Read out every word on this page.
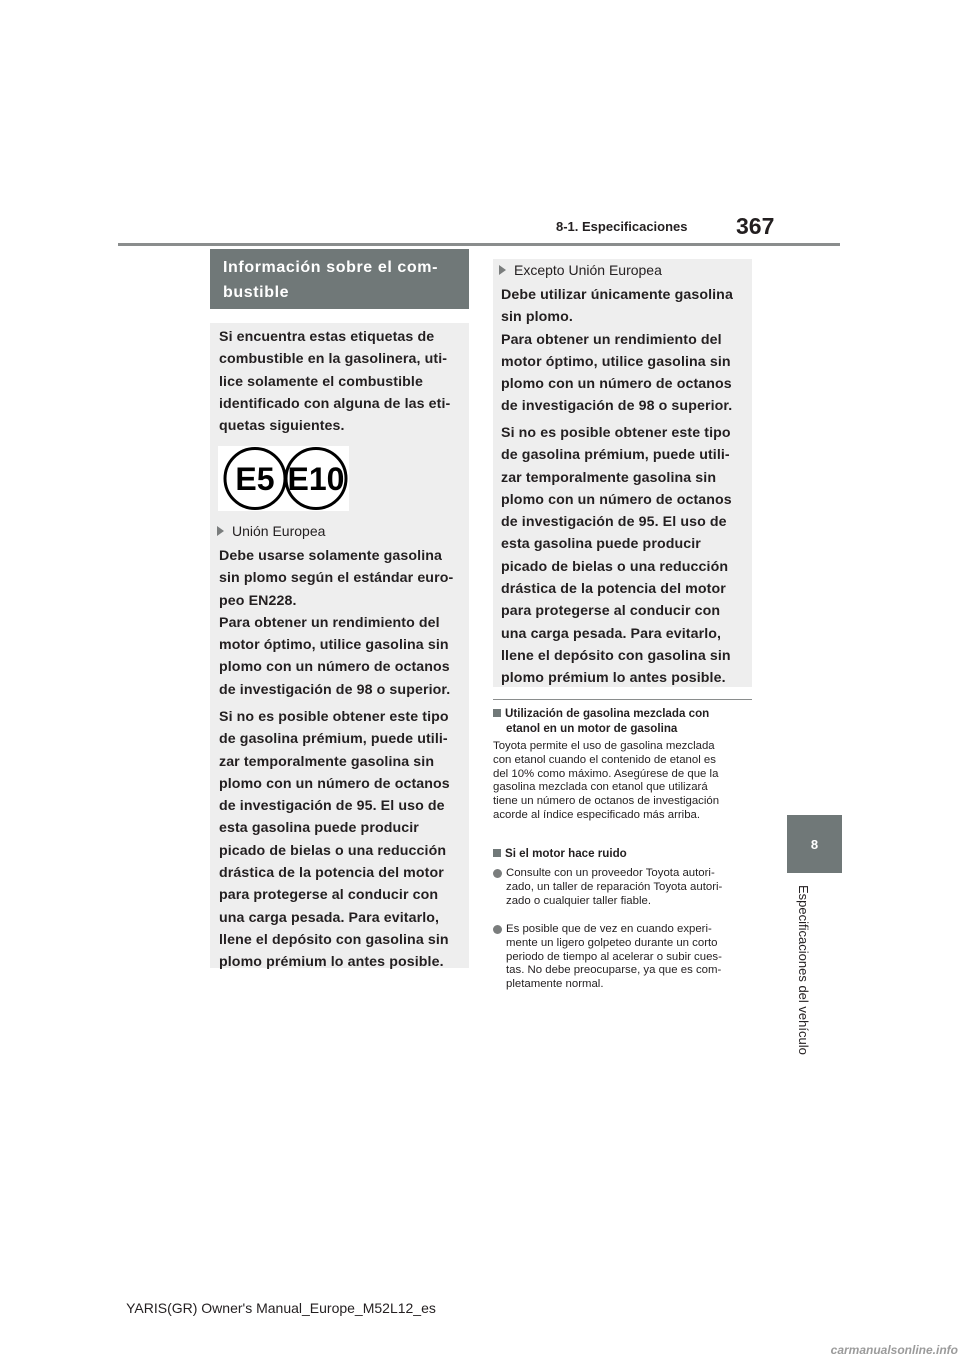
8-1. Especificaciones 367
8
Especificaciones del vehículo
Información sobre el com-
bustible
Si encuentra estas etiquetas de
combustible en la gasolinera, uti-
lice solamente el combustible
identificado con alguna de las eti-
quetas siguientes.
E5 E10
Unión Europea
Debe usarse solamente gasolina
sin plomo según el estándar euro-
peo EN228.
Para obtener un rendimiento del
motor óptimo, utilice gasolina sin
plomo con un número de octanos
de investigación de 98 o superior.
Si no es posible obtener este tipo
de gasolina prémium, puede utili-
zar temporalmente gasolina sin
plomo con un número de octanos
de investigación de 95. El uso de
esta gasolina puede producir
picado de bielas o una reducción
drástica de la potencia del motor
para protegerse al conducir con
una carga pesada. Para evitarlo,
llene el depósito con gasolina sin
plomo prémium lo antes posible.
Excepto Unión Europea
Debe utilizar únicamente gasolina
sin plomo.
Para obtener un rendimiento del
motor óptimo, utilice gasolina sin
plomo con un número de octanos
de investigación de 98 o superior.
Si no es posible obtener este tipo
de gasolina prémium, puede utili-
zar temporalmente gasolina sin
plomo con un número de octanos
de investigación de 95. El uso de
esta gasolina puede producir
picado de bielas o una reducción
drástica de la potencia del motor
para protegerse al conducir con
una carga pesada. Para evitarlo,
llene el depósito con gasolina sin
plomo prémium lo antes posible.
Utilización de gasolina mezclada con
etanol en un motor de gasolina
Toyota permite el uso de gasolina mezclada
con etanol cuando el contenido de etanol es
del 10% como máximo. Asegúrese de que la
gasolina mezclada con etanol que utilizará
tiene un número de octanos de investigación
acorde al índice especificado más arriba.
Si el motor hace ruido
Consulte con un proveedor Toyota autori-
zado, un taller de reparación Toyota autori-
zado o cualquier taller fiable.
Es posible que de vez en cuando experi-
mente un ligero golpeteo durante un corto
periodo de tiempo al acelerar o subir cues-
tas. No debe preocuparse, ya que es com-
pletamente normal.
YARIS(GR) Owner's Manual_Europe_M52L12_es
carmanualsonline.info
